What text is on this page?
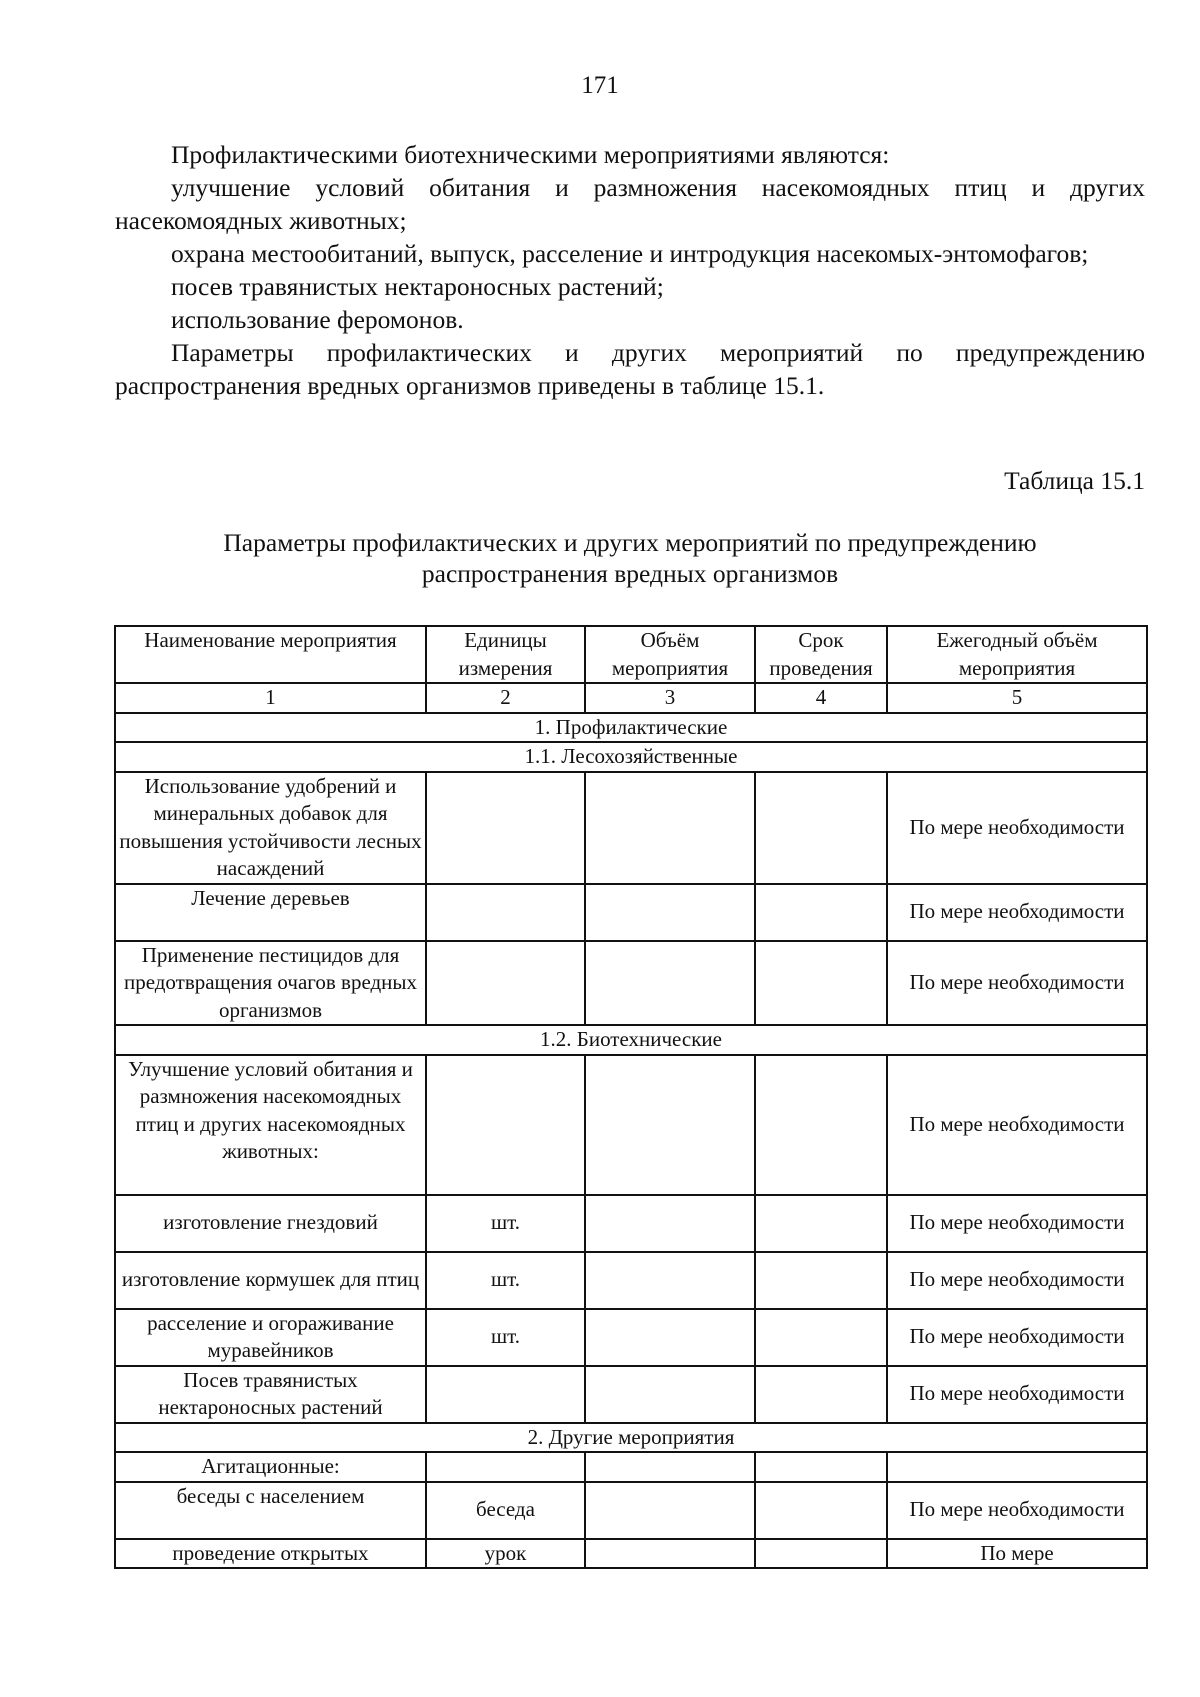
171

Профилактическими биотехническими мероприятиями являются:

улучшение условий обитания и размножения насекомоядных птиц и других насекомоядных животных;

охрана местообитаний, выпуск, расселение и интродукция насекомых-энтомофагов;

посев травянистых нектароносных растений;

использование феромонов.

Параметры профилактических и других мероприятий по предупреждению распространения вредных организмов приведены в таблице 15.1.

Таблица 15.1
Параметры профилактических и других мероприятий по предупреждению
распространения вредных организмов
Наименование мероприятия	Единицы измерения	Объём мероприятия	Срок проведения	Ежегодный объём мероприятия
1	2	3	4	5
1. Профилактические				
1.1. Лесохозяйственные				
Использование удобрений и минеральных добавок для повышения устойчивости лесных насаждений				По мере необходимости
Лечение деревьев				По мере необходимости
Применение пестицидов для предотвращения очагов вредных организмов				По мере необходимости
1.2. Биотехнические				
Улучшение условий обитания и размножения насекомоядных птиц и других насекомоядных животных:				По мере необходимости
изготовление гнездовий	шт.			По мере необходимости
изготовление кормушек для птиц	шт.			По мере необходимости
расселение и огораживание муравейников	шт.			По мере необходимости
Посев травянистых нектароносных растений				По мере необходимости
2. Другие мероприятия				
Агитационные:				
беседы с населением	беседа			По мере необходимости
проведение открытых	урок			По мере
